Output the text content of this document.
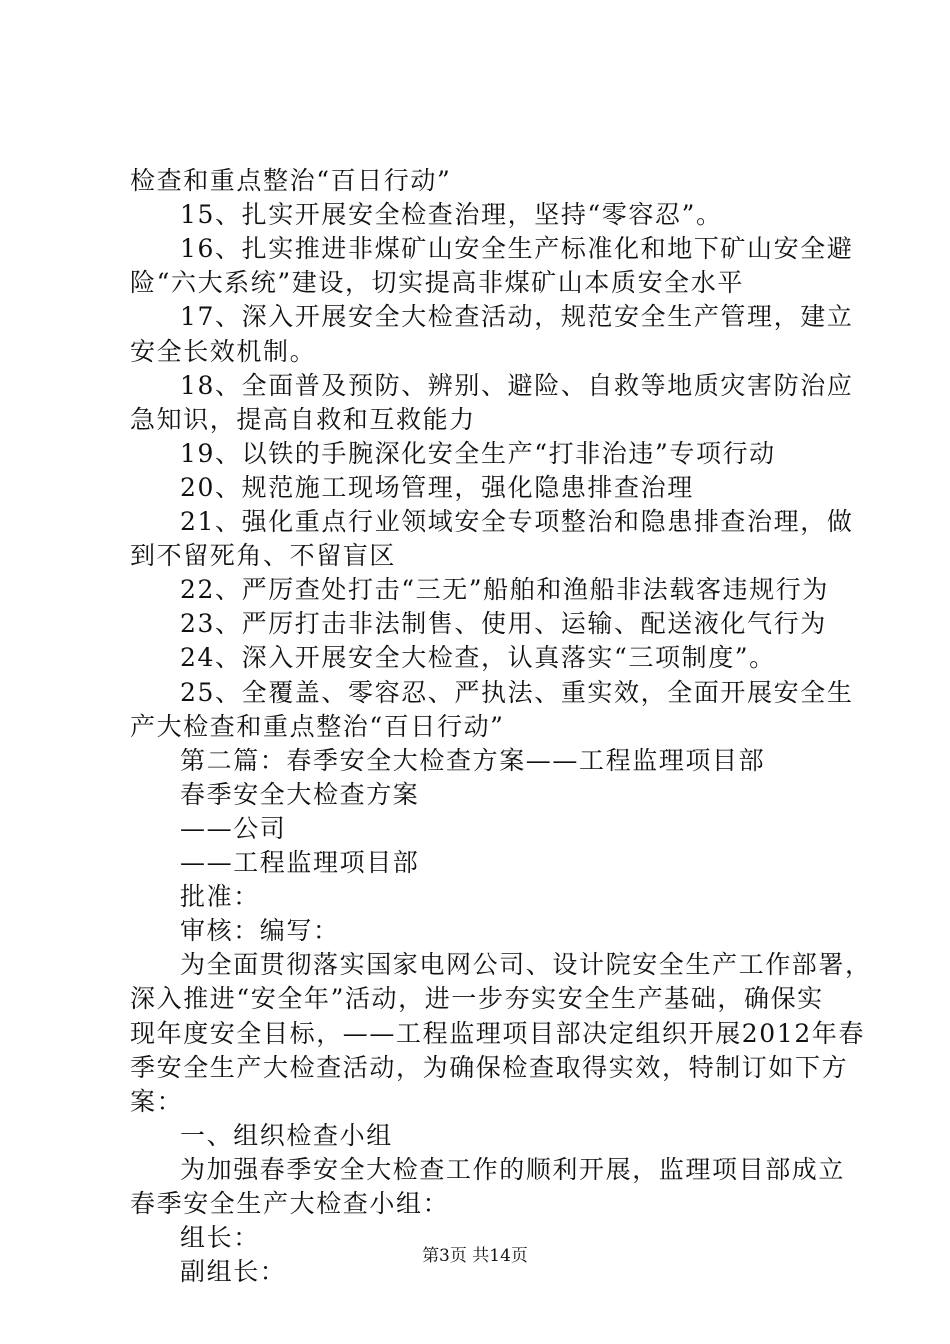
检查和重点整治“百日行动”
15、扎实开展安全检查治理，坚持“零容忍”。
16、扎实推进非煤矿山安全生产标准化和地下矿山安全避
险“六大系统”建设，切实提高非煤矿山本质安全水平
17、深入开展安全大检查活动，规范安全生产管理，建立
安全长效机制。
18、全面普及预防、辨别、避险、自救等地质灾害防治应
急知识，提高自救和互救能力
19、以铁的手腕深化安全生产“打非治违”专项行动
20、规范施工现场管理，强化隐患排查治理
21、强化重点行业领域安全专项整治和隐患排查治理，做
到不留死角、不留盲区
22、严厉查处打击“三无”船舶和渔船非法载客违规行为
23、严厉打击非法制售、使用、运输、配送液化气行为
24、深入开展安全大检查，认真落实“三项制度”。
25、全覆盖、零容忍、严执法、重实效，全面开展安全生
产大检查和重点整治“百日行动”
第二篇：春季安全大检查方案——工程监理项目部
春季安全大检查方案
——公司
——工程监理项目部
批准：
审核：编写：
为全面贯彻落实国家电网公司、设计院安全生产工作部署，
深入推进“安全年”活动，进一步夯实安全生产基础，确保实
现年度安全目标，——工程监理项目部决定组织开展2012年春
季安全生产大检查活动，为确保检查取得实效，特制订如下方
案：
一、组织检查小组
为加强春季安全大检查工作的顺利开展，监理项目部成立
春季安全生产大检查小组：
组长：
副组长：
第3页 共14页
